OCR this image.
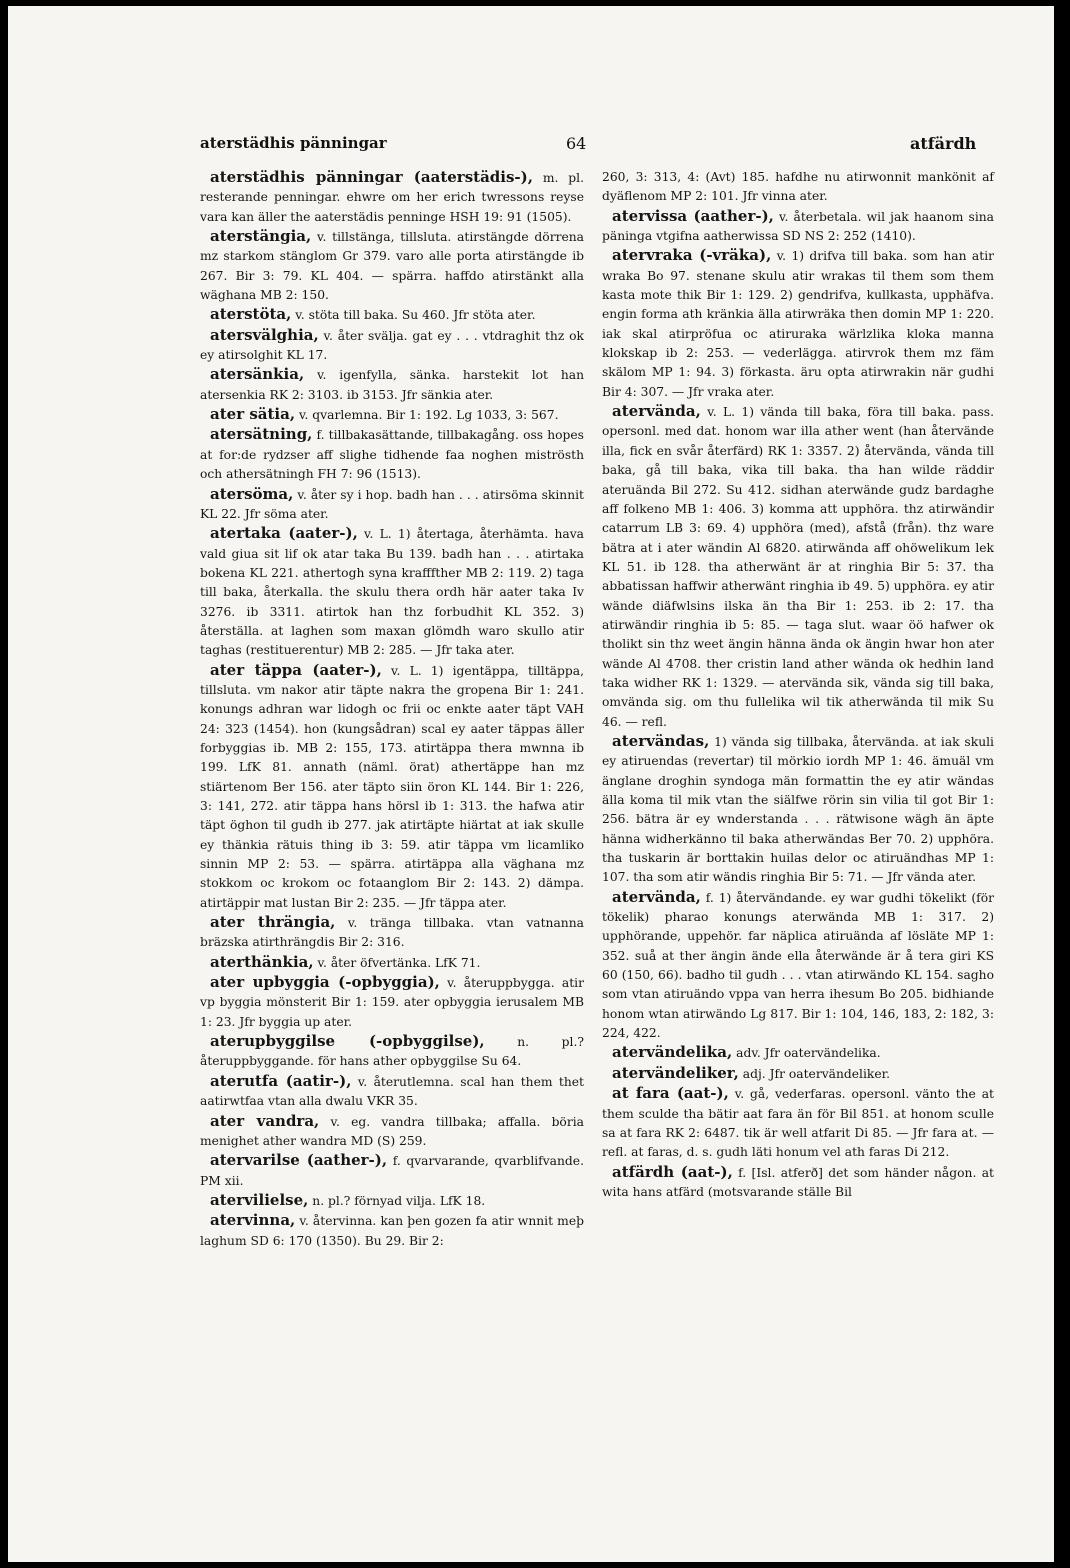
aterstädhis pänningar	64	atfärdh

aterstädhis pänningar (aaterstädis-), m. pl. resterande penningar. ehwre om her erich twressons reyse vara kan äller the aaterstädis penninge HSH 19: 91 (1505).

aterstängia, v. tillstänga, tillsluta. atirstängde dörrena mz starkom stänglom Gr 379. varo alle porta atirstängde ib 267. Bir 3: 79. KL 404. — spärra. haffdo atirstänkt alla wäghana MB 2: 150.

aterstöta, v. stöta till baka. Su 460. Jfr stöta ater.

atersvälghia, v. åter svälja. gat ey . . . vtdraghit thz ok ey atirsolghit KL 17.

atersänkia, v. igenfylla, sänka. harstekit lot han atersenkia RK 2: 3103. ib 3153. Jfr sänkia ater.

ater sätia, v. qvarlemna. Bir 1: 192. Lg 1033, 3: 567.

atersätning, f. tillbakasättande, tillbakagång. oss hopes at for:de rydzser aff slighe tidhende faa noghen miströsth och athersätningh FH 7: 96 (1513).

atersöma, v. åter sy i hop. badh han . . . atirsöma skinnit KL 22. Jfr söma ater.

atertaka (aater-), v. L. 1) återtaga, återhämta. hava vald giua sit lif ok atar taka Bu 139. badh han . . . atirtaka bokena KL 221. athertogh syna krafffther MB 2: 119. 2) taga till baka, återkalla. the skulu thera ordh här aater taka Iv 3276. ib 3311. atirtok han thz forbudhit KL 352. 3) återställa. at laghen som maxan glömdh waro skullo atir taghas (restituerentur) MB 2: 285. — Jfr taka ater.

ater täppa (aater-), v. L. 1) igentäppa, tilltäppa, tillsluta. vm nakor atir täpte nakra the gropena Bir 1: 241. konungs adhran war lidogh oc frii oc enkte aater täpt VAH 24: 323 (1454). hon (kungsådran) scal ey aater täppas äller forbyggias ib. MB 2: 155, 173. atirtäppa thera mwnna ib 199. LfK 81. annath (näml. örat) athertäppe han mz stiärtenom Ber 156. ater täpto siin öron KL 144. Bir 1: 226, 3: 141, 272. atir täppa hans hörsl ib 1: 313. the hafwa atir täpt öghon til gudh ib 277. jak atirtäpte hiärtat at iak skulle ey thänkia rätuis thing ib 3: 59. atir täppa vm licamliko sinnin MP 2: 53. — spärra. atirtäppa alla väghana mz stokkom oc krokom oc fotaanglom Bir 2: 143. 2) dämpa. atirtäppir mat lustan Bir 2: 235. — Jfr täppa ater.

ater thrängia, v. tränga tillbaka. vtan vatnanna bräzska atirthrängdis Bir 2: 316.

aterthänkia, v. åter öfvertänka. LfK 71.

ater upbyggia (-opbyggia), v. återuppbygga. atir vp byggia mönsterit Bir 1: 159. ater opbyggia ierusalem MB 1: 23. Jfr byggia up ater.

aterupbyggilse (-opbyggilse),	n. pl.? återuppbyggande. för hans ather opbyggilse Su 64.

aterutfa (aatir-), v. återutlemna. scal han them thet aatirwtfaa vtan alla dwalu VKR 35.

ater vandra, v. eg. vandra tillbaka; affalla. böria menighet ather wandra MD (S) 259.

atervarilse (aather-), f. qvarvarande, qvarblifvande. PM xii.

atervilielse, n. pl.? förnyad vilja. LfK 18.

atervinna, v. återvinna. kan þen gozen fa atir wnnit meþ laghum SD 6: 170 (1350). Bu 29. Bir 2:

260, 3: 313, 4: (Avt) 185. hafdhe nu atirwonnit mankönit af dyäflenom MP 2: 101. Jfr vinna ater.

atervissa (aather-), v. återbetala. wil jak haanom sina päninga vtgifna aatherwissa SD NS 2: 252 (1410).

atervraka (-vräka), v. 1) drifva till baka. som han atir wraka Bo 97. stenane skulu atir wrakas til them som them kasta mote thik Bir 1: 129. 2) gendrifva, kullkasta, upphäfva. engin forma ath kränkia älla atirwräka then domin MP 1: 220. iak skal atirpröfua oc atiruraka wärlzlika kloka manna klokskap ib 2: 253. — vederlägga. atirvrok them mz fäm skälom MP 1: 94. 3) förkasta. äru opta atirwrakin när gudhi Bir 4: 307. — Jfr vraka ater.

atervända, v. L. 1) vända till baka, föra till baka. pass. opersonl. med dat. honom war illa ather went (han återvände illa, fick en svår återfärd) RK 1: 3357. 2) återvända, vända till baka, gå till baka, vika till baka. tha han wilde räddir ateruända Bil 272. Su 412. sidhan aterwände gudz bardaghe aff folkeno MB 1: 406. 3) komma att upphöra. thz atirwändir catarrum LB 3: 69. 4) upphöra (med), afstå (från). thz ware bätra at i ater wändin Al 6820. atirwända aff ohöwelikum lek KL 51. ib 128. tha atherwänt är at ringhia Bir 5: 37. tha abbatissan haffwir atherwänt ringhia ib 49. 5) upphöra. ey atir wände diäfwlsins ilska än tha Bir 1: 253. ib 2: 17. tha atirwändir ringhia ib 5: 85. — taga slut. waar öö hafwer ok tholikt sin thz weet ängin hänna ända ok ängin hwar hon ater wände Al 4708. ther cristin land ather wända ok hedhin land taka widher RK 1: 1329. — atervända sik, vända sig till baka, omvända sig. om thu fullelika wil tik atherwända til mik Su 46. — refl.

atervändas, 1) vända sig tillbaka, återvända. at iak skuli ey atiruendas (revertar) til mörkio iordh MP 1: 46. ämuäl vm änglane droghin syndoga män formattin the ey atir wändas älla koma til mik vtan the siälfwe rörin sin vilia til got Bir 1: 256. bätra är ey wnderstanda . . . rätwisone wägh än äpte hänna widherkänno til baka atherwändas Ber 70. 2) upphöra. tha tuskarin är borttakin huilas delor oc atiruändhas MP 1: 107. tha som atir wändis ringhia Bir 5: 71. — Jfr vända ater.

atervända, f. 1) återvändande. ey war gudhi tökelikt (för tökelik) pharao konungs aterwända MB 1: 317. 2) upphörande, uppehör. far näplica atiruända af lösläte MP 1: 352. suå at ther ängin ände ella återwände är å tera giri KS 60 (150, 66). badho til gudh . . . vtan atirwändo KL 154. sagho som vtan atiruändo vppa van herra ihesum Bo 205. bidhiande honom wtan atirwändo Lg 817. Bir 1: 104, 146, 183, 2: 182, 3: 224, 422.

atervändelika, adv. Jfr oatervändelika.

atervändeliker, adj. Jfr oatervändeliker.

at fara (aat-), v. gå, vederfaras. opersonl. vänto the at them sculde tha bätir aat fara än för Bil 851. at honom sculle sa at fara RK 2: 6487. tik är well atfarit Di 85. — Jfr fara at. — refl. at faras, d. s. gudh läti honum vel ath faras Di 212.

atfärdh (aat-), f. [Isl. atferð] det som händer någon. at wita hans atfärd (motsvarande ställe Bil
